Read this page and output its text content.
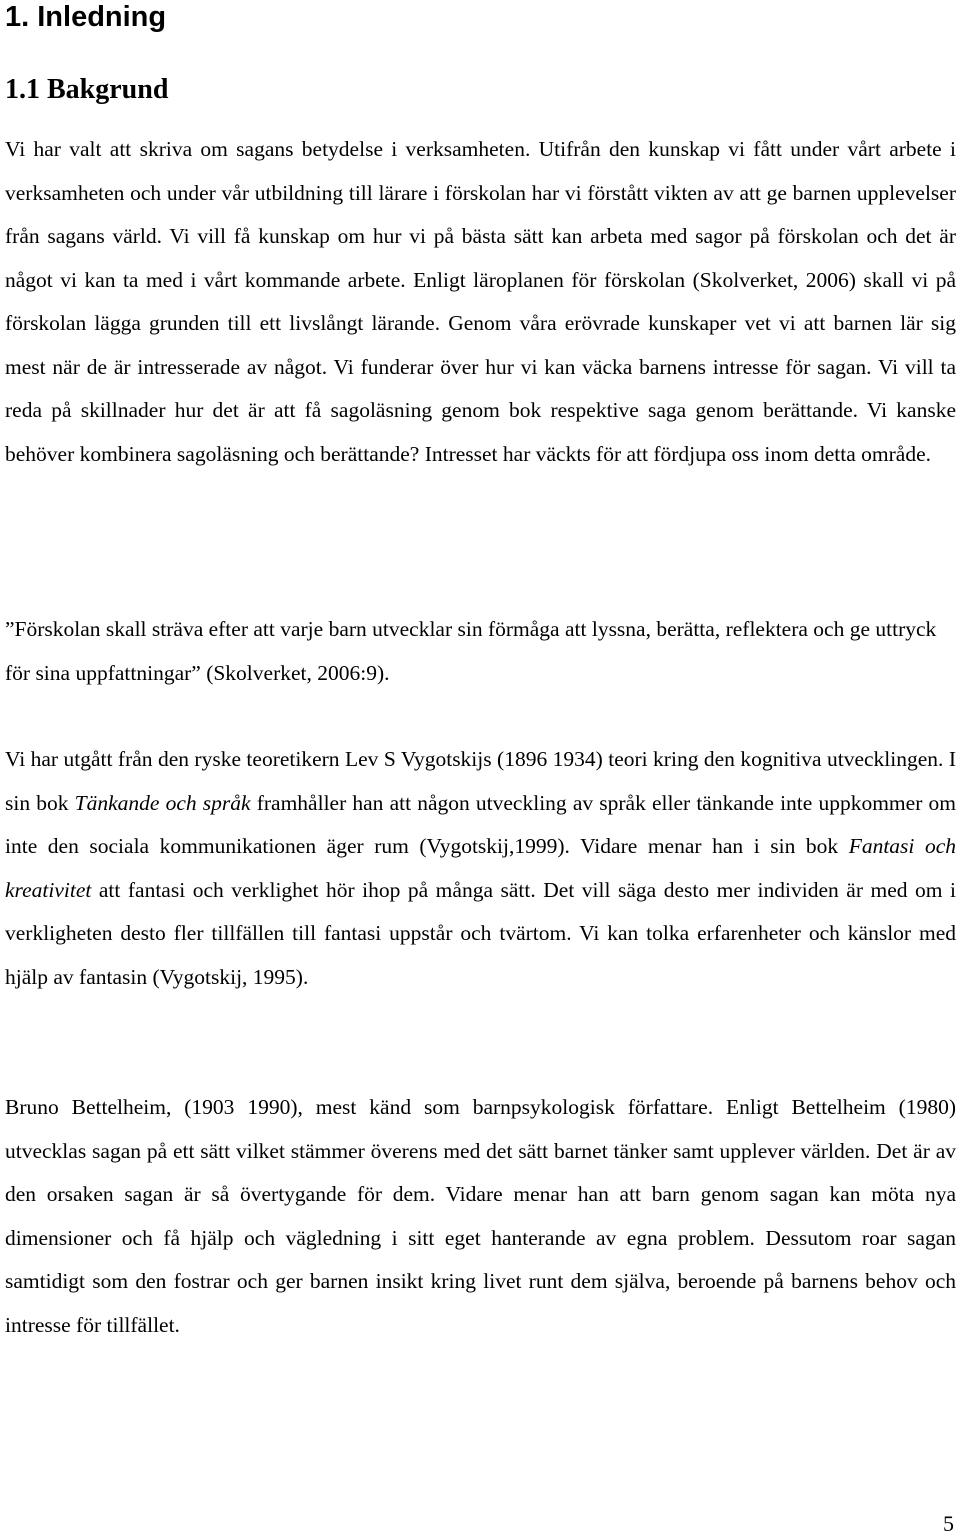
1. Inledning
1.1 Bakgrund

Vi har valt att skriva om sagans betydelse i verksamheten. Utifrån den kunskap vi fått under vårt arbete i verksamheten och under vår utbildning till lärare i förskolan har vi förstått vikten av att ge barnen upplevelser från sagans värld. Vi vill få kunskap om hur vi på bästa sätt kan arbeta med sagor på förskolan och det är något vi kan ta med i vårt kommande arbete. Enligt läroplanen för förskolan (Skolverket, 2006) skall vi på förskolan lägga grunden till ett livslångt lärande. Genom våra erövrade kunskaper vet vi att barnen lär sig mest när de är intresserade av något. Vi funderar över hur vi kan väcka barnens intresse för sagan. Vi vill ta reda på skillnader hur det är att få sagoläsning genom bok respektive saga genom berättande. Vi kanske behöver kombinera sagoläsning och berättande? Intresset har väckts för att fördjupa oss inom detta område.

”Förskolan skall sträva efter att varje barn utvecklar sin förmåga att lyssna, berätta, reflektera och ge uttryck för sina uppfattningar” (Skolverket, 2006:9).

Vi har utgått från den ryske teoretikern Lev S Vygotskijs (1896 1934) teori kring den kognitiva utvecklingen. I sin bok Tänkande och språk framhåller han att någon utveckling av språk eller tänkande inte uppkommer om inte den sociala kommunikationen äger rum (Vygotskij,1999). Vidare menar han i sin bok Fantasi och kreativitet att fantasi och verklighet hör ihop på många sätt. Det vill säga desto mer individen är med om i verkligheten desto fler tillfällen till fantasi uppstår och tvärtom. Vi kan tolka erfarenheter och känslor med hjälp av fantasin (Vygotskij, 1995).

Bruno Bettelheim, (1903 1990), mest känd som barnpsykologisk författare. Enligt Bettelheim (1980) utvecklas sagan på ett sätt vilket stämmer överens med det sätt barnet tänker samt upplever världen. Det är av den orsaken sagan är så övertygande för dem. Vidare menar han att barn genom sagan kan möta nya dimensioner och få hjälp och vägledning i sitt eget hanterande av egna problem. Dessutom roar sagan samtidigt som den fostrar och ger barnen insikt kring livet runt dem själva, beroende på barnens behov och intresse för tillfället.

5
